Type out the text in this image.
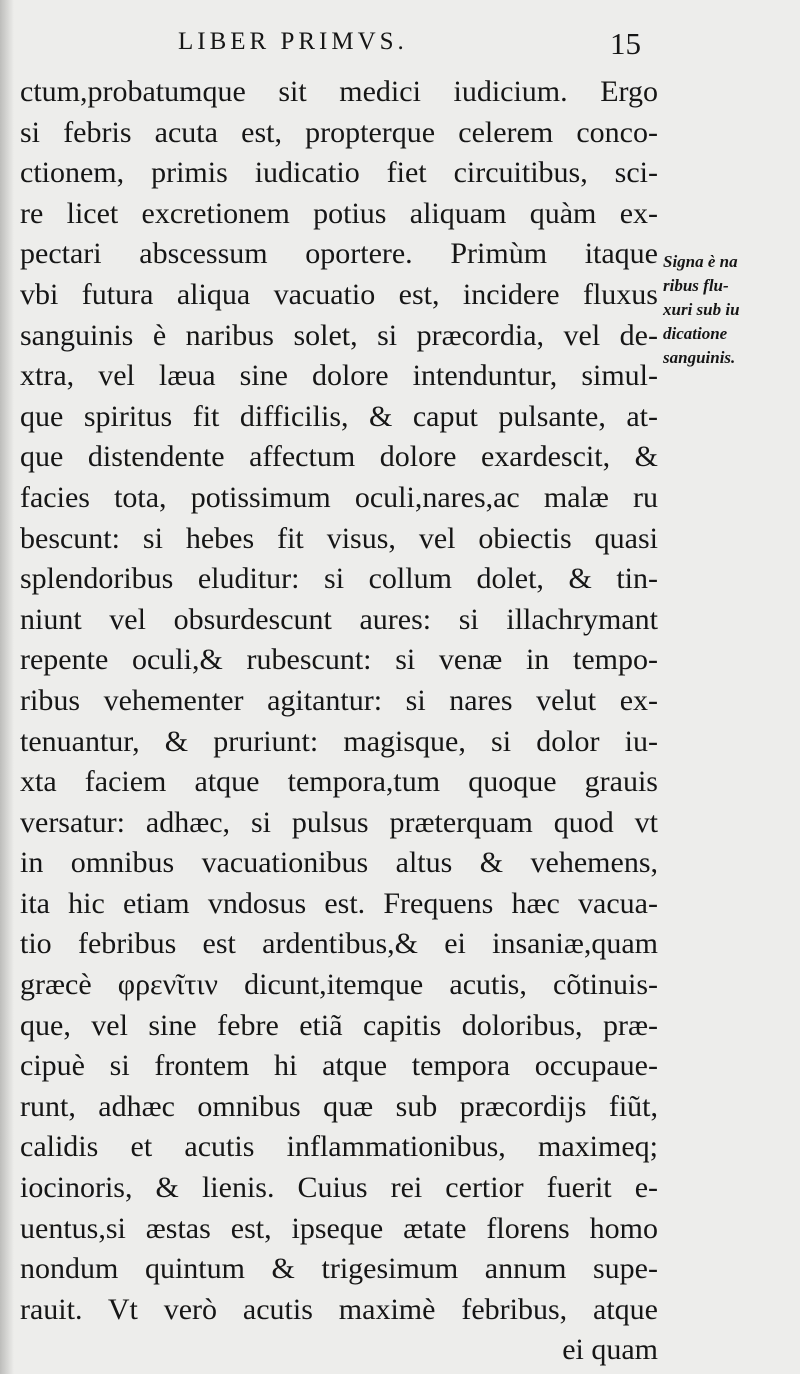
LIBER PRIMVS.	15
ctum,probatumque sit medici iudicium. Ergo
si febris acuta est, propterque celerem conco-
ctionem, primis iudicatio fiet circuitibus, sci-
re licet excretionem potius aliquam quàm ex-
pectari abscessum oportere. Primùm itaque
vbi futura aliqua vacuatio est, incidere fluxus
sanguinis è naribus solet, si præcordia, vel de-
xtra, vel læua sine dolore intenduntur, simul-
que spiritus fit difficilis, & caput pulsante, at-
que distendente affectum dolore exardescit, &
facies tota, potissimum oculi,nares,ac malæ ru
bescunt: si hebes fit visus, vel obiectis quasi
splendoribus eluditur: si collum dolet, & tin-
niunt vel obsurdescunt aures: si illachrymant
repente oculi,& rubescunt: si venæ in tempo-
ribus vehementer agitantur: si nares velut ex-
tenuantur, & pruriunt: magisque, si dolor iu-
xta faciem atque tempora,tum quoque grauis
versatur: adhæc, si pulsus præterquam quod vt
in omnibus vacuationibus altus & vehemens,
ita hic etiam vndosus est. Frequens hæc vacua-
tio febribus est ardentibus,& ei insaniæ,quam
græcè φρενῖτιν dicunt,itemque acutis, cõtinuis-
que, vel sine febre etiã capitis doloribus, præ-
cipuè si frontem hi atque tempora occupaue-
runt, adhæc omnibus quæ sub præcordijs fiũt,
calidis et acutis inflammationibus, maximeq;
iocinoris, & lienis. Cuius rei certior fuerit e-
uentus,si æstas est, ipseque ætate florens homo
nondum quintum & trigesimum annum supe-
rauit. Vt verò acutis maximè febribus, atque
ei quam
Signa è na
ribus flu-
xuri sub iu
dicatione
sanguinis.
